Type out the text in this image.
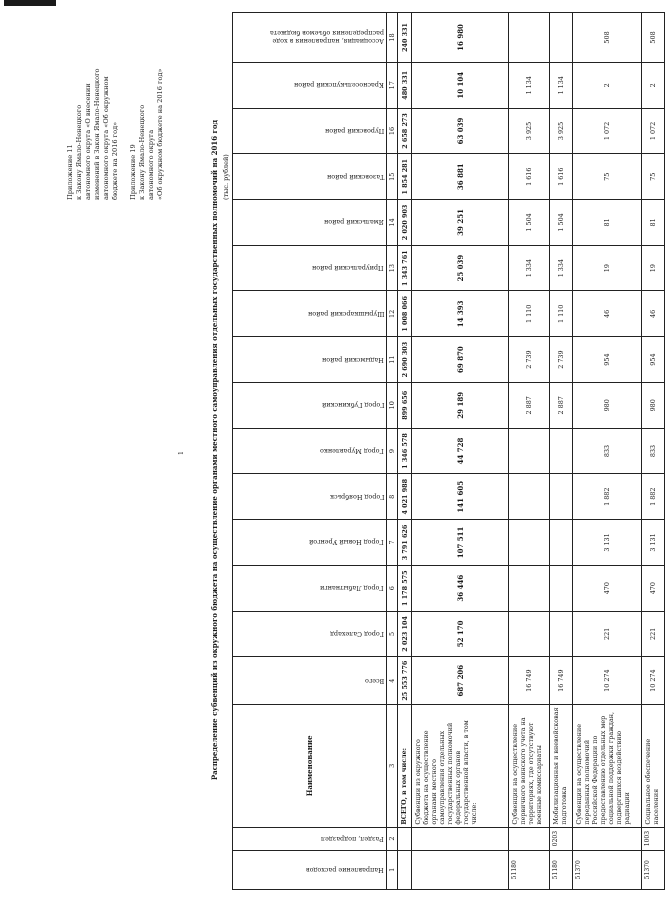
1
Приложение 11 к Закону Ямало-Ненецкого автономного округа «О внесении изменений в Закон Ямало-Ненецкого автономного округа «Об окружном бюджете на 2016 год» Приложение 19 к Закону Ямало-Ненецкого автономного округа «Об окружном бюджете на 2016 год»	Распределение субвенций из окружного бюджета на осуществление органами местного самоуправления отдельных государственных полномочий на 2016 год (тыс. рублей)
Направление расходов	Раздел, подраздел	Наименование	Всего	Город Салехард	Город Лабытнанги	Город Новый Уренгой	Город Ноябрьск	Город Муравленко	Город Губкинский	Надымский район	Шурышкарский район	Приуральский район	Ямальский район	Тазовский район	Пуровский район	Красноселькупский район	Ассоциация, направления в ходе распределения объемов бюджета
1	2	3	4	5	6	7	8	9	10	11	12	13	14	15	16	17	18
		ВСЕГО, в том числе:	25 553 776	2 023 104	1 178 575	3 791 626	4 021 988	1 346 578	899 656	2 690 303	1 008 066	1 343 761	2 020 903	1 854 281	2 658 273	480 331	240 331
		Субвенции из окружного бюджета на осуществление органами местного самоуправления отдельных государственных полномочий федеральных органов государственной власти, в том числе:	687 206	52 170	36 446	107 511	141 605	44 728	29 189	69 870	14 393	25 039	39 251	36 881	63 039	10 104	16 980
51180		Субвенции на осуществление первичного воинского учета на территориях, где отсутствуют военные комиссариаты	16 749						2 887	2 739	1 110	1 334	1 504	1 616	3 925	1 134	
51180	0203	Мобилизационная и вневойсковая подготовка	16 749						2 887	2 739	1 110	1 334	1 504	1 616	3 925	1 134	
51370		Субвенции на осуществление переданных полномочий Российской Федерации по предоставлению отдельных мер социальной поддержки граждан, подвергшихся воздействию радиации	10 274	221	470	3 131	1 882	833	980	954	46	19	81	75	1 072	2	508
51370	1003	Социальное обеспечение населения	10 274	221	470	3 131	1 882	833	980	954	46	19	81	75	1 072	2	508
